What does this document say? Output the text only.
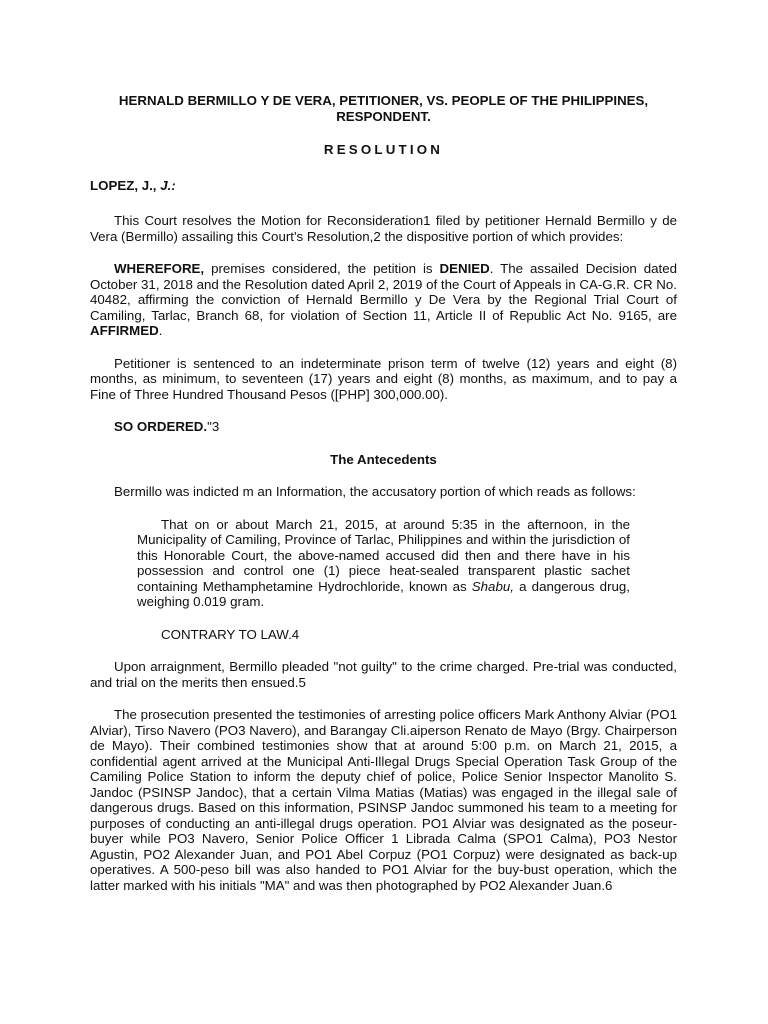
HERNALD BERMILLO Y DE VERA, PETITIONER, VS. PEOPLE OF THE PHILIPPINES, RESPONDENT.
RESOLUTION
LOPEZ, J., J.:

This Court resolves the Motion for Reconsideration1 filed by petitioner Hernald Bermillo y de Vera (Bermillo) assailing this Court's Resolution,2 the dispositive portion of which provides:

WHEREFORE, premises considered, the petition is DENIED. The assailed Decision dated October 31, 2018 and the Resolution dated April 2, 2019 of the Court of Appeals in CA-G.R. CR No. 40482, affirming the conviction of Hernald Bermillo y De Vera by the Regional Trial Court of Camiling, Tarlac, Branch 68, for violation of Section 11, Article II of Republic Act No. 9165, are AFFIRMED.

Petitioner is sentenced to an indeterminate prison term of twelve (12) years and eight (8) months, as minimum, to seventeen (17) years and eight (8) months, as maximum, and to pay a Fine of Three Hundred Thousand Pesos ([PHP] 300,000.00).

SO ORDERED."3

The Antecedents

Bermillo was indicted m an Information, the accusatory portion of which reads as follows:

That on or about March 21, 2015, at around 5:35 in the afternoon, in the Municipality of Camiling, Province of Tarlac, Philippines and within the jurisdiction of this Honorable Court, the above-named accused did then and there have in his possession and control one (1) piece heat-sealed transparent plastic sachet containing Methamphetamine Hydrochloride, known as Shabu, a dangerous drug, weighing 0.019 gram.

CONTRARY TO LAW.4

Upon arraignment, Bermillo pleaded "not guilty" to the crime charged. Pre-trial was conducted, and trial on the merits then ensued.5

The prosecution presented the testimonies of arresting police officers Mark Anthony Alviar (PO1 Alviar), Tirso Navero (PO3 Navero), and Barangay Cli.aiperson Renato de Mayo (Brgy. Chairperson de Mayo). Their combined testimonies show that at around 5:00 p.m. on March 21, 2015, a confidential agent arrived at the Municipal Anti-Illegal Drugs Special Operation Task Group of the Camiling Police Station to inform the deputy chief of police, Police Senior Inspector Manolito S. Jandoc (PSINSP Jandoc), that a certain Vilma Matias (Matias) was engaged in the illegal sale of dangerous drugs. Based on this information, PSINSP Jandoc summoned his team to a meeting for purposes of conducting an anti-illegal drugs operation. PO1 Alviar was designated as the poseur-buyer while PO3 Navero, Senior Police Officer 1 Librada Calma (SPO1 Calma), PO3 Nestor Agustin, PO2 Alexander Juan, and PO1 Abel Corpuz (PO1 Corpuz) were designated as back-up operatives. A 500-peso bill was also handed to PO1 Alviar for the buy-bust operation, which the latter marked with his initials "MA" and was then photographed by PO2 Alexander Juan.6
